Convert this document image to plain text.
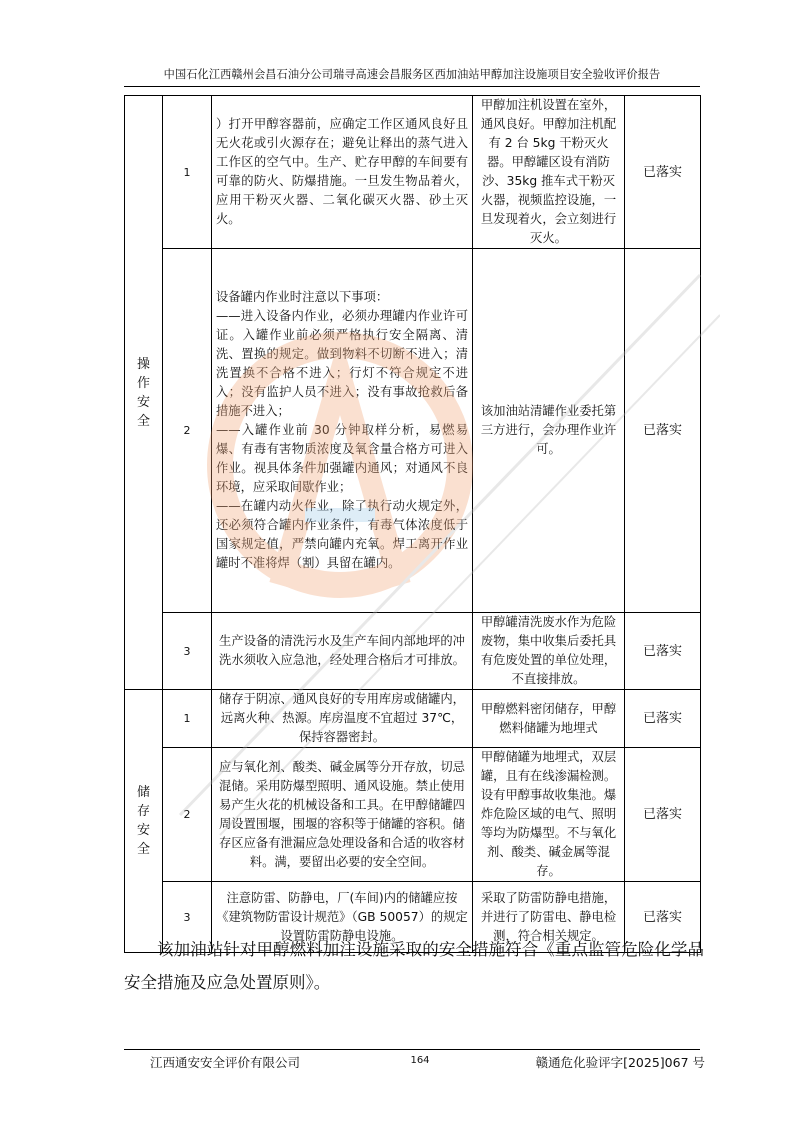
中国石化江西赣州会昌石油分公司瑞寻高速会昌服务区西加油站甲醇加注设施项目安全验收评价报告
操作安全	1	）打开甲醇容器前，应确定工作区通风良好且无火花或引火源存在；避免让释出的蒸气进入工作区的空气中。生产、贮存甲醇的车间要有可靠的防火、防爆措施。一旦发生物品着火，应用干粉灭火器、二氧化碳灭火器、砂土灭火。	甲醇加注机设置在室外，通风良好。甲醇加注机配有 2 台 5kg 干粉灭火器。甲醇罐区设有消防沙、35kg 推车式干粉灭火器，视频监控设施，一旦发现着火，会立刻进行灭火。	已落实
	2	设备罐内作业时注意以下事项：
——进入设备内作业，必须办理罐内作业许可证。入罐作业前必须严格执行安全隔离、清洗、置换的规定。做到物料不切断不进入；清洗置换不合格不进入；行灯不符合规定不进入；没有监护人员不进入；没有事故抢救后备措施不进入；
——入罐作业前 30 分钟取样分析，易燃易爆、有毒有害物质浓度及氧含量合格方可进入作业。视具体条件加强罐内通风；对通风不良环境，应采取间歇作业；
——在罐内动火作业，除了执行动火规定外，还必须符合罐内作业条件，有毒气体浓度低于国家规定值，严禁向罐内充氧。焊工离开作业罐时不准将焊（割）具留在罐内。	该加油站清罐作业委托第三方进行，会办理作业许可。	已落实
	3	生产设备的清洗污水及生产车间内部地坪的冲洗水须收入应急池，经处理合格后才可排放。	甲醇罐清洗废水作为危险废物，集中收集后委托具有危废处置的单位处理，不直接排放。	已落实
储存安全	1	储存于阴凉、通风良好的专用库房或储罐内，远离火种、热源。库房温度不宜超过 37℃，保持容器密封。	甲醇燃料密闭储存，甲醇燃料储罐为地埋式	已落实
	2	应与氧化剂、酸类、碱金属等分开存放，切忌混储。采用防爆型照明、通风设施。禁止使用易产生火花的机械设备和工具。在甲醇储罐四周设置围堰，围堰的容积等于储罐的容积。储存区应备有泄漏应急处理设备和合适的收容材料。满，要留出必要的安全空间。	甲醇储罐为地埋式，双层罐，且有在线渗漏检测。设有甲醇事故收集池。爆炸危险区域的电气、照明等均为防爆型。不与氧化剂、酸类、碱金属等混存。	已落实
	3	注意防雷、防静电，厂(车间)内的储罐应按《建筑物防雷设计规范》（GB 50057）的规定设置防雷防静电设施。	采取了防雷防静电措施，并进行了防雷电、静电检测，符合相关规定。	已落实
该加油站针对甲醇燃料加注设施采取的安全措施符合《重点监管危险化学品安全措施及应急处置原则》。
江西通安安全评价有限公司	164	赣通危化验评字[2025]067 号
